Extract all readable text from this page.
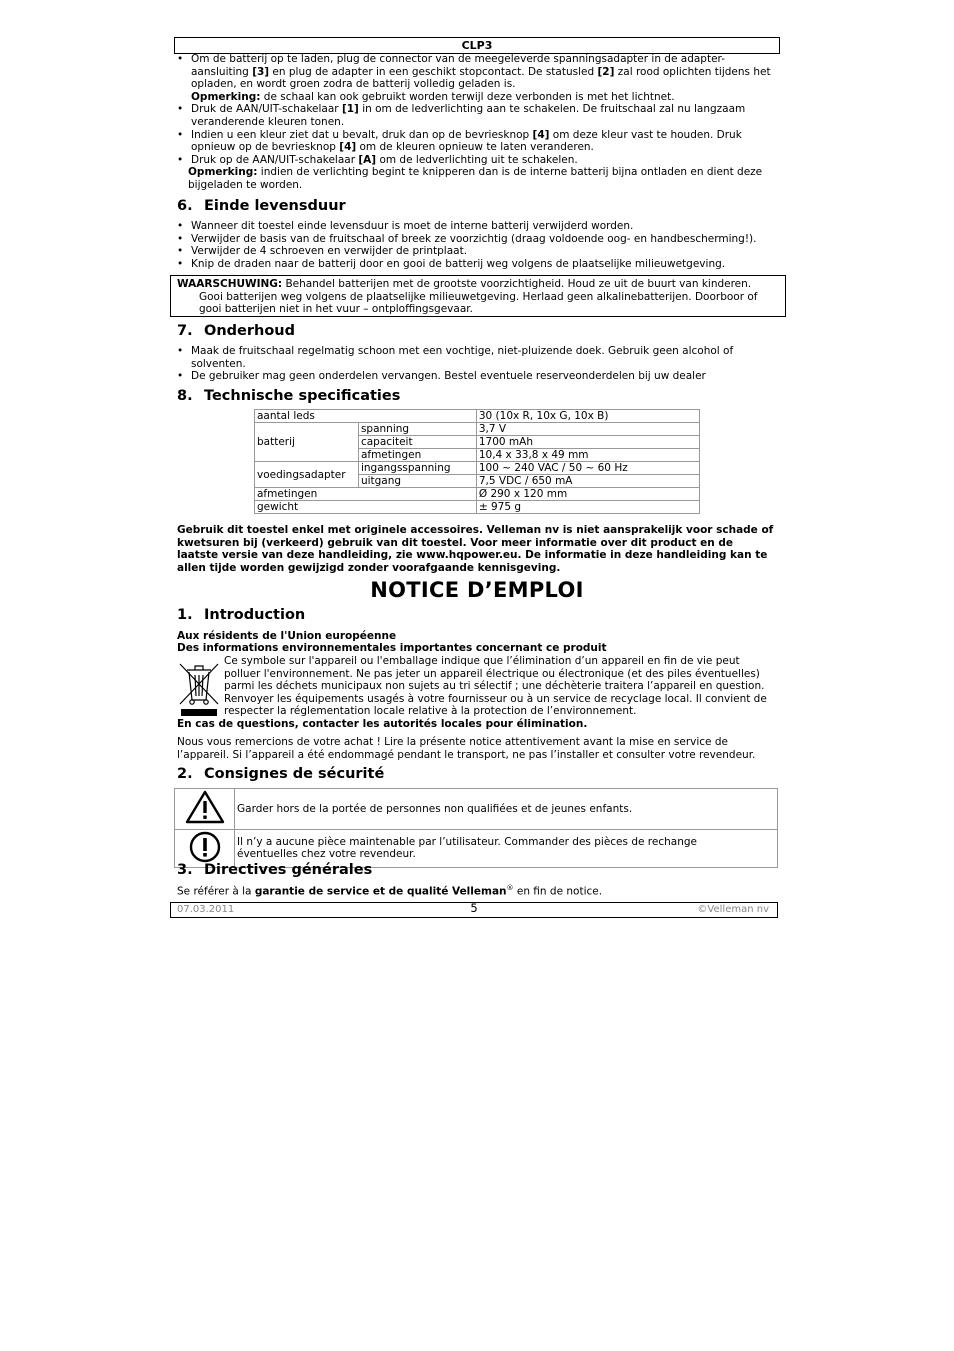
CLP3
• Om de batterij op te laden, plug de connector van de meegeleverde spanningsadapter in de adapter-aansluiting [3] en plug de adapter in een geschikt stopcontact. De statusled [2] zal rood oplichten tijdens het opladen, en wordt groen zodra de batterij volledig geladen is.
Opmerking: de schaal kan ook gebruikt worden terwijl deze verbonden is met het lichtnet.
• Druk de AAN/UIT-schakelaar [1] in om de ledverlichting aan te schakelen. De fruitschaal zal nu langzaam veranderende kleuren tonen.
• Indien u een kleur ziet dat u bevalt, druk dan op de bevriesknop [4] om deze kleur vast te houden. Druk opnieuw op de bevriesknop [4] om de kleuren opnieuw te laten veranderen.
• Druk op de AAN/UIT-schakelaar [A] om de ledverlichting uit te schakelen.
Opmerking: indien de verlichting begint te knipperen dan is de interne batterij bijna ontladen en dient deze bijgeladen te worden.
6. Einde levensduur
• Wanneer dit toestel einde levensduur is moet de interne batterij verwijderd worden.
• Verwijder de basis van de fruitschaal of breek ze voorzichtig (draag voldoende oog- en handbescherming!).
• Verwijder de 4 schroeven en verwijder de printplaat.
• Knip de draden naar de batterij door en gooi de batterij weg volgens de plaatselijke milieuwetgeving.
WAARSCHUWING: Behandel batterijen met de grootste voorzichtigheid. Houd ze uit de buurt van kinderen.
Gooi batterijen weg volgens de plaatselijke milieuwetgeving. Herlaad geen alkalinebatterijen. Doorboor of
gooi batterijen niet in het vuur – ontploffingsgevaar.
7. Onderhoud
• Maak de fruitschaal regelmatig schoon met een vochtige, niet-pluizende doek. Gebruik geen alcohol of solventen.
• De gebruiker mag geen onderdelen vervangen. Bestel eventuele reserveonderdelen bij uw dealer
8. Technische specificaties
aantal leds		30 (10x R, 10x G, 10x B)
batterij	spanning	3,7 V
	capaciteit	1700 mAh
	afmetingen	10,4 x 33,8 x 49 mm
voedingsadapter	ingangsspanning	100 ~ 240 VAC / 50 ~ 60 Hz
	uitgang	7,5 VDC / 650 mA
afmetingen		Ø 290 x 120 mm
gewicht		± 975 g
Gebruik dit toestel enkel met originele accessoires. Velleman nv is niet aansprakelijk voor schade of kwetsuren bij (verkeerd) gebruik van dit toestel. Voor meer informatie over dit product en de laatste versie van deze handleiding, zie www.hqpower.eu. De informatie in deze handleiding kan te allen tijde worden gewijzigd zonder voorafgaande kennisgeving.
NOTICE D’EMPLOI
1. Introduction
Aux résidents de l'Union européenne
Des informations environnementales importantes concernant ce produit
Ce symbole sur l'appareil ou l'emballage indique que l’élimination d’un appareil en fin de vie peut polluer l'environnement. Ne pas jeter un appareil électrique ou électronique (et des piles éventuelles) parmi les déchets municipaux non sujets au tri sélectif ; une déchèterie traitera l’appareil en question. Renvoyer les équipements usagés à votre fournisseur ou à un service de recyclage local. Il convient de respecter la réglementation locale relative à la protection de l’environnement.
En cas de questions, contacter les autorités locales pour élimination.
Nous vous remercions de votre achat ! Lire la présente notice attentivement avant la mise en service de l’appareil. Si l’appareil a été endommagé pendant le transport, ne pas l’installer et consulter votre revendeur.
2. Consignes de sécurité
	Garder hors de la portée de personnes non qualifiées et de jeunes enfants.
	Il n’y a aucune pièce maintenable par l’utilisateur. Commander des pièces de rechange éventuelles chez votre revendeur.
3. Directives générales
Se référer à la garantie de service et de qualité Velleman® en fin de notice.
07.03.2011	5	©Velleman nv
